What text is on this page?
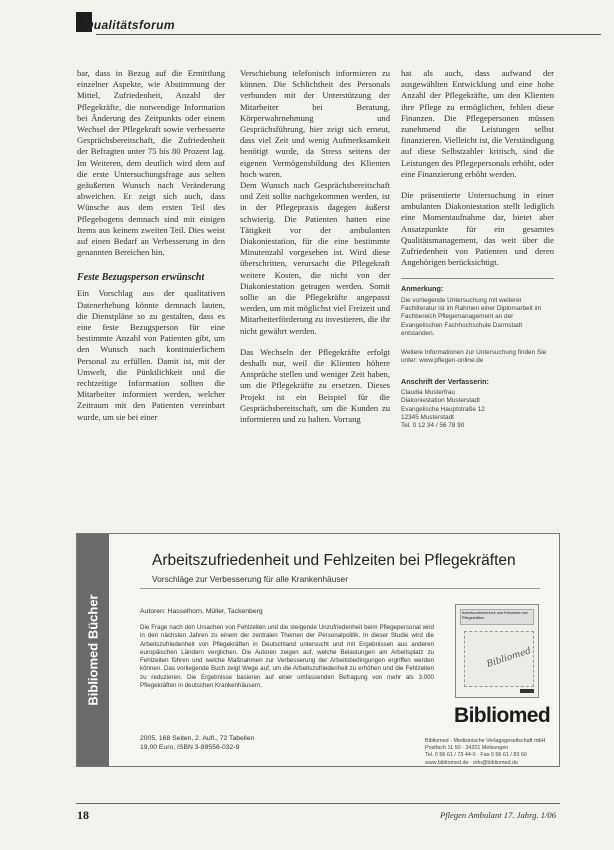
Qualitätsforum

bar, dass in Bezug auf die Ermittlung einzelner Aspekte, wie Abstimmung der Mittel, Zufriedenheit, Anzahl der Pflegekräfte, die notwendige Information bei Änderung des Zeitpunkts oder einem Wechsel der Pflegekraft sowie verbesserte Gesprächsbereitschaft, die Zufriedenheit der Befragten unter 75 bis 80 Prozent lag. Im Weiteren, dem deutlich wird dem auf die erste Untersuchungsfrage aus selten geäußerten Wunsch nach Veränderung abweichen. Er zeigt sich auch, dass Wünsche aus dem ersten Teil des Pflegebogens demnach sind mit einigen Items aus keinem zweiten Teil. Dies weist auf einen Bedarf an Verbesserung in den genannten Bereichen hin.

Feste Bezugsperson erwünscht

Ein Vorschlag aus der qualitativen Datenerhebung könnte demnach lauten, die Dienstpläne so zu gestalten, dass es eine feste Bezugsperson für eine bestimmte Anzahl von Patienten gibt, um den Wunsch nach kontinuierlichem Personal zu erfüllen. Damit ist, mit der Umwelt, die Pünktlichkeit und die rechtzeitige Information sollten die Mitarbeiter informiert werden, welcher Zeitraum mit den Patienten vereinbart wurde, um sie bei einer

Verschiebung telefonisch informieren zu können. Die Schlichtheit des Personals verbunden mit der Unterstützung der Mitarbeiter bei Beratung, Körperwahrnehmung und Gesprächsführung, hier zeigt sich erneut, dass viel Zeit und wenig Aufmerksamkeit benötigt wurde, da Stress seitens der eigenen Vermögensbildung des Klienten hoch waren.

Dem Wunsch nach Gesprächsbereitschaft und Zeit sollte nachgekommen werden, ist in der Pflegepraxis dagegen äußerst schwierig. Die Patienten hatten eine Tätigkeit vor der ambulanten Diakoniestation, für die eine bestimmte Minutenzahl vorgesehen ist. Wird diese überschritten, verursacht die Pflegekraft weitere Kosten, die nicht von der Diakoniestation getragen werden. Somit sollte an die Pflegekräfte angepasst werden, um mit möglichst viel Freizeit und Mitarbeiterförderung zu investieren, die ihr nicht gewährt werden.

Das Wechseln der Pflegekräfte erfolgt deshalb nur, weil die Klienten höhere Ansprüche stellen und weniger Zeit haben, um die Pflegekräfte zu ersetzen. Dieses Projekt ist ein Beispiel für die Gesprächsbereitschaft, um die Kunden zu informieren und zu halten. Vorrang

hat als auch, dass aufwand der ausgewählten Entwicklung und eine hohe Anzahl der Pflegekräfte, um den Klienten ihre Pflege zu ermöglichen, fehlen diese Finanzen. Die Pflegepersonen müssen zunehmend die Leistungen selbst finanzieren. Vielleicht ist, die Verständigung auf diese Selbstzahler kritisch, sind die Leistungen des Pflegepersonals erhöht, oder eine Finanzierung erhöht werden.

Die präsentierte Untersuchung in einer ambulanten Diakoniestation stellt lediglich eine Momentaufnahme dar, bietet aber Ansatzpunkte für ein gesamtes Qualitätsmanagement, das weit über die Zufriedenheit von Patienten und deren Angehörigen berücksichtigt.

Anmerkung:

Die vorliegende Untersuchung mit weiterer Fachliteratur ist im Rahmen einer Diplomarbeit im Fachbereich Pflegemanagement an der Evangelischen Fachhochschule Darmstadt entstanden.

Weitere Informationen zur Untersuchung finden Sie unter: www.pflegen-online.de

Anschrift der Verfasserin:
Claudia Musterfrau
Diakoniestation Musterstadt
Evangelische Hauptstraße 12
12345 Musterstadt
Tel. 0 12 34 / 56 78 90
Bibliomed Bücher
Arbeitszufriedenheit und Fehlzeiten bei Pflegekräften
Vorschläge zur Verbesserung für alle Krankenhäuser
Autoren: Hasselhorn, Müller, Tackenberg
Die Frage nach den Ursachen von Fehlzeiten und die steigende Unzufriedenheit beim Pflegepersonal wird in den nächsten Jahren zu einem der zentralen Themen der Personalpolitik. In dieser Studie wird die Arbeitszufriedenheit von Pflegekräften in Deutschland untersucht und mit Ergebnissen aus anderen europäischen Ländern verglichen. Die Autoren zeigen auf, welche Belastungen am Arbeitsplatz zu Fehlzeiten führen und welche Maßnahmen zur Verbesserung der Arbeitsbedingungen ergriffen werden können. Das vorliegende Buch zeigt Wege auf, um die Arbeitszufriedenheit zu erhöhen und die Fehlzeiten zu reduzieren. Die Ergebnisse basieren auf einer umfassenden Befragung von mehr als 3.000 Pflegekräften in deutschen Krankenhäusern.
2005, 168 Seiten, 2. Aufl., 72 Tabellen
19,00 Euro, ISBN 3-89556-032-9
Arbeitszufriedenheit und Fehlzeiten bei Pflegekräften
Bibliomed
Bibliomed
Bibliomed - Medizinische Verlagsgesellschaft mbH
Postfach 11 50 · 34201 Melsungen
Tel. 0 56 61 / 73 44-0 · Fax 0 56 61 / 83 60
www.bibliomed.de · info@bibliomed.de
18	Pflegen Ambulant 17. Jahrg. 1/06
